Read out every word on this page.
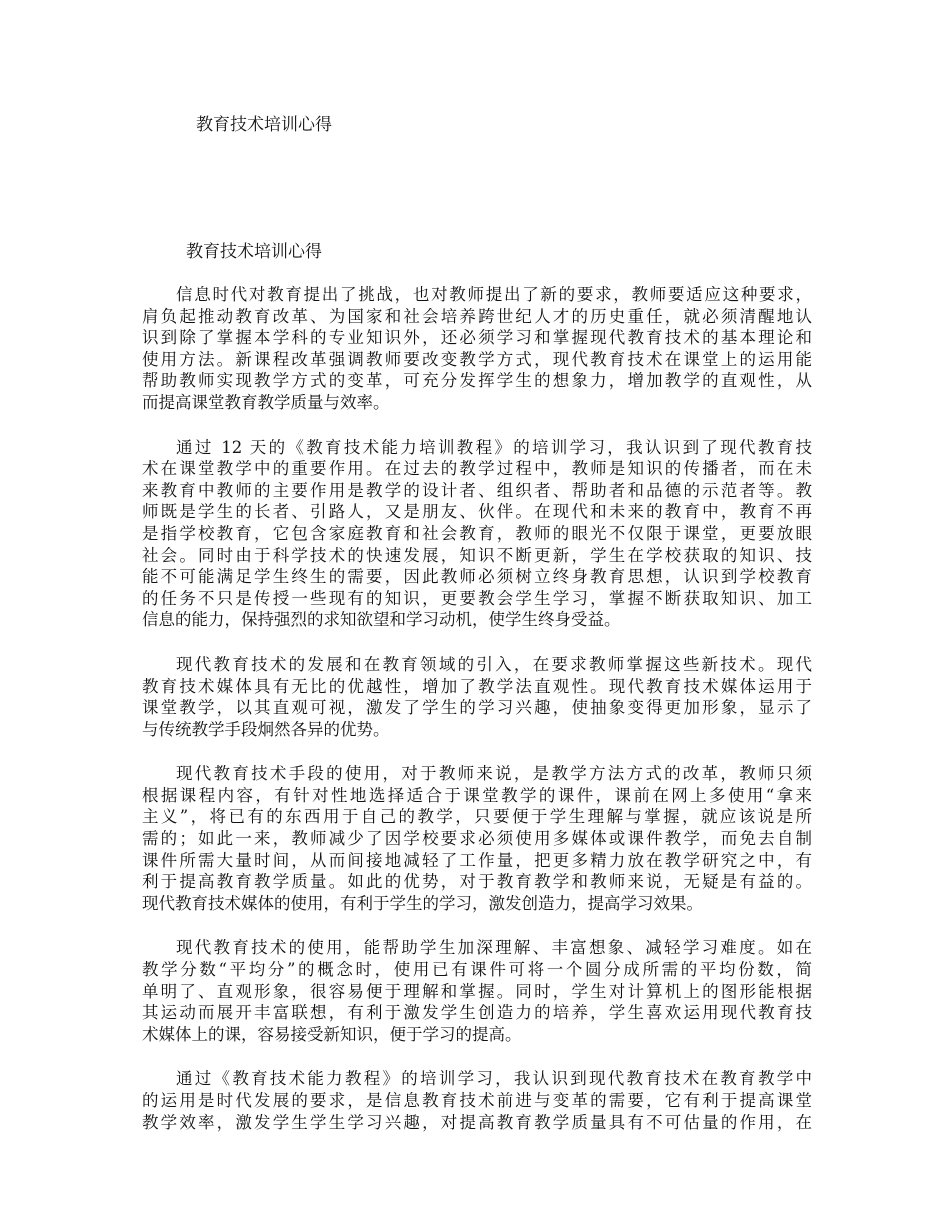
教育技术培训心得
教育技术培训心得
信息时代对教育提出了挑战，也对教师提出了新的要求，教师要适应这种要求，
肩负起推动教育改革、为国家和社会培养跨世纪人才的历史重任，就必须清醒地认
识到除了掌握本学科的专业知识外，还必须学习和掌握现代教育技术的基本理论和
使用方法。新课程改革强调教师要改变教学方式，现代教育技术在课堂上的运用能
帮助教师实现教学方式的变革，可充分发挥学生的想象力，增加教学的直观性，从
而提高课堂教育教学质量与效率。
通过 12 天的《教育技术能力培训教程》的培训学习，我认识到了现代教育技
术在课堂教学中的重要作用。在过去的教学过程中，教师是知识的传播者，而在未
来教育中教师的主要作用是教学的设计者、组织者、帮助者和品德的示范者等。教
师既是学生的长者、引路人，又是朋友、伙伴。在现代和未来的教育中，教育不再
是指学校教育，它包含家庭教育和社会教育，教师的眼光不仅限于课堂，更要放眼
社会。同时由于科学技术的快速发展，知识不断更新，学生在学校获取的知识、技
能不可能满足学生终生的需要，因此教师必须树立终身教育思想，认识到学校教育
的任务不只是传授一些现有的知识，更要教会学生学习，掌握不断获取知识、加工
信息的能力，保持强烈的求知欲望和学习动机，使学生终身受益。
现代教育技术的发展和在教育领域的引入，在要求教师掌握这些新技术。现代
教育技术媒体具有无比的优越性，增加了教学法直观性。现代教育技术媒体运用于
课堂教学，以其直观可视，激发了学生的学习兴趣，使抽象变得更加形象，显示了
与传统教学手段炯然各异的优势。
现代教育技术手段的使用，对于教师来说，是教学方法方式的改革，教师只须
根据课程内容，有针对性地选择适合于课堂教学的课件，课前在网上多使用“拿来
主义”，将已有的东西用于自己的教学，只要便于学生理解与掌握，就应该说是所
需的；如此一来，教师减少了因学校要求必须使用多媒体或课件教学，而免去自制
课件所需大量时间，从而间接地减轻了工作量，把更多精力放在教学研究之中，有
利于提高教育教学质量。如此的优势，对于教育教学和教师来说，无疑是有益的。
现代教育技术媒体的使用，有利于学生的学习，激发创造力，提高学习效果。
现代教育技术的使用，能帮助学生加深理解、丰富想象、减轻学习难度。如在
教学分数“平均分”的概念时，使用已有课件可将一个圆分成所需的平均份数，简
单明了、直观形象，很容易便于理解和掌握。同时，学生对计算机上的图形能根据
其运动而展开丰富联想，有利于激发学生创造力的培养，学生喜欢运用现代教育技
术媒体上的课，容易接受新知识，便于学习的提高。
通过《教育技术能力教程》的培训学习，我认识到现代教育技术在教育教学中
的运用是时代发展的要求，是信息教育技术前进与变革的需要，它有利于提高课堂
教学效率，激发学生学生学习兴趣，对提高教育教学质量具有不可估量的作用，在
